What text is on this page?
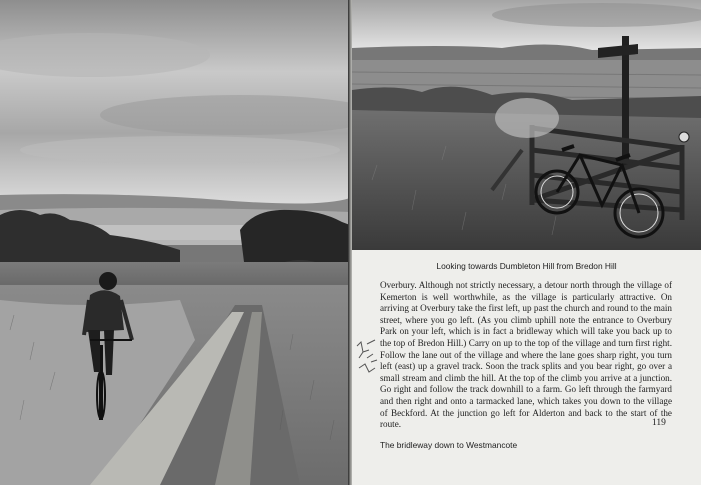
Looking towards Dumbleton Hill from Bredon Hill

Overbury. Although not strictly necessary, a detour north through the village of Kemerton is well worthwhile, as the village is particularly attractive. On arriving at Overbury take the first left, up past the church and round to the main street, where you go left. (As you climb uphill note the entrance to Overbury Park on your left, which is in fact a bridleway which will take you back up to the top of Bredon Hill.) Carry on up to the top of the village and turn first right. Follow the lane out of the village and where the lane goes sharp right, you turn left (east) up a gravel track. Soon the track splits and you bear right, go over a small stream and climb the hill. At the top of the climb you arrive at a junction. Go right and follow the track downhill to a farm. Go left through the farmyard and then right and onto a tarmacked lane, which takes you down to the village of Beckford. At the junction go left for Alderton and back to the start of the route.	119
The bridleway down to Westmancote
